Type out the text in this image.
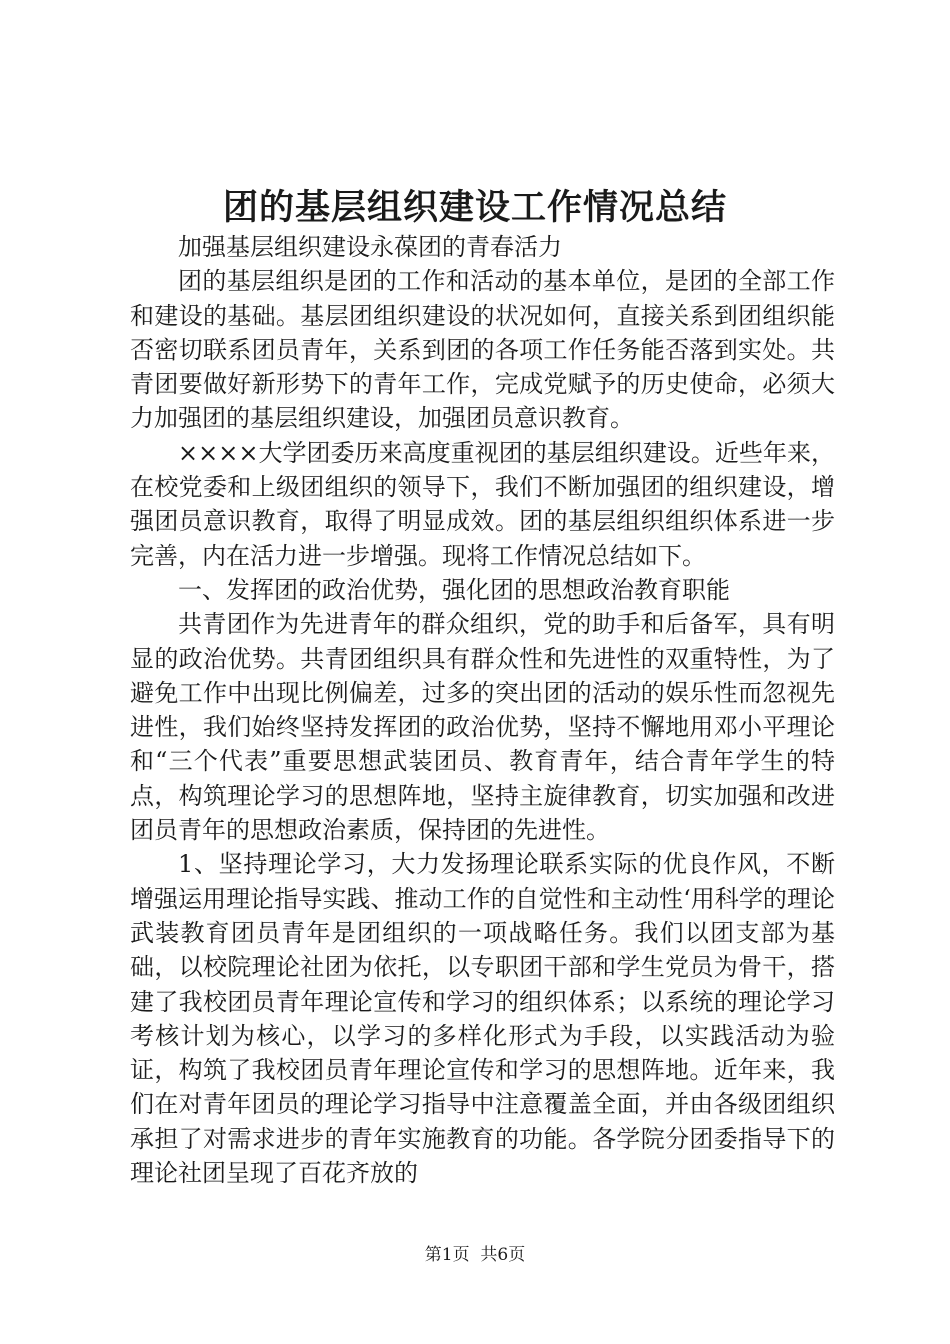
团的基层组织建设工作情况总结

加强基层组织建设永葆团的青春活力

团的基层组织是团的工作和活动的基本单位，是团的全部工作和建设的基础。基层团组织建设的状况如何，直接关系到团组织能否密切联系团员青年，关系到团的各项工作任务能否落到实处。共青团要做好新形势下的青年工作，完成党赋予的历史使命，必须大力加强团的基层组织建设，加强团员意识教育。

××××大学团委历来高度重视团的基层组织建设。近些年来，在校党委和上级团组织的领导下，我们不断加强团的组织建设，增强团员意识教育，取得了明显成效。团的基层组织组织体系进一步完善，内在活力进一步增强。现将工作情况总结如下。

一、发挥团的政治优势，强化团的思想政治教育职能

共青团作为先进青年的群众组织，党的助手和后备军，具有明显的政治优势。共青团组织具有群众性和先进性的双重特性，为了避免工作中出现比例偏差，过多的突出团的活动的娱乐性而忽视先进性，我们始终坚持发挥团的政治优势，坚持不懈地用邓小平理论和“三个代表”重要思想武装团员、教育青年，结合青年学生的特点，构筑理论学习的思想阵地，坚持主旋律教育，切实加强和改进团员青年的思想政治素质，保持团的先进性。

1、坚持理论学习，大力发扬理论联系实际的优良作风，不断增强运用理论指导实践、推动工作的自觉性和主动性‘用科学的理论武装教育团员青年是团组织的一项战略任务。我们以团支部为基础，以校院理论社团为依托，以专职团干部和学生党员为骨干，搭建了我校团员青年理论宣传和学习的组织体系；以系统的理论学习考核计划为核心，以学习的多样化形式为手段，以实践活动为验证，构筑了我校团员青年理论宣传和学习的思想阵地。近年来，我们在对青年团员的理论学习指导中注意覆盖全面，并由各级团组织承担了对需求进步的青年实施教育的功能。各学院分团委指导下的理论社团呈现了百花齐放的

第1页 共6页
